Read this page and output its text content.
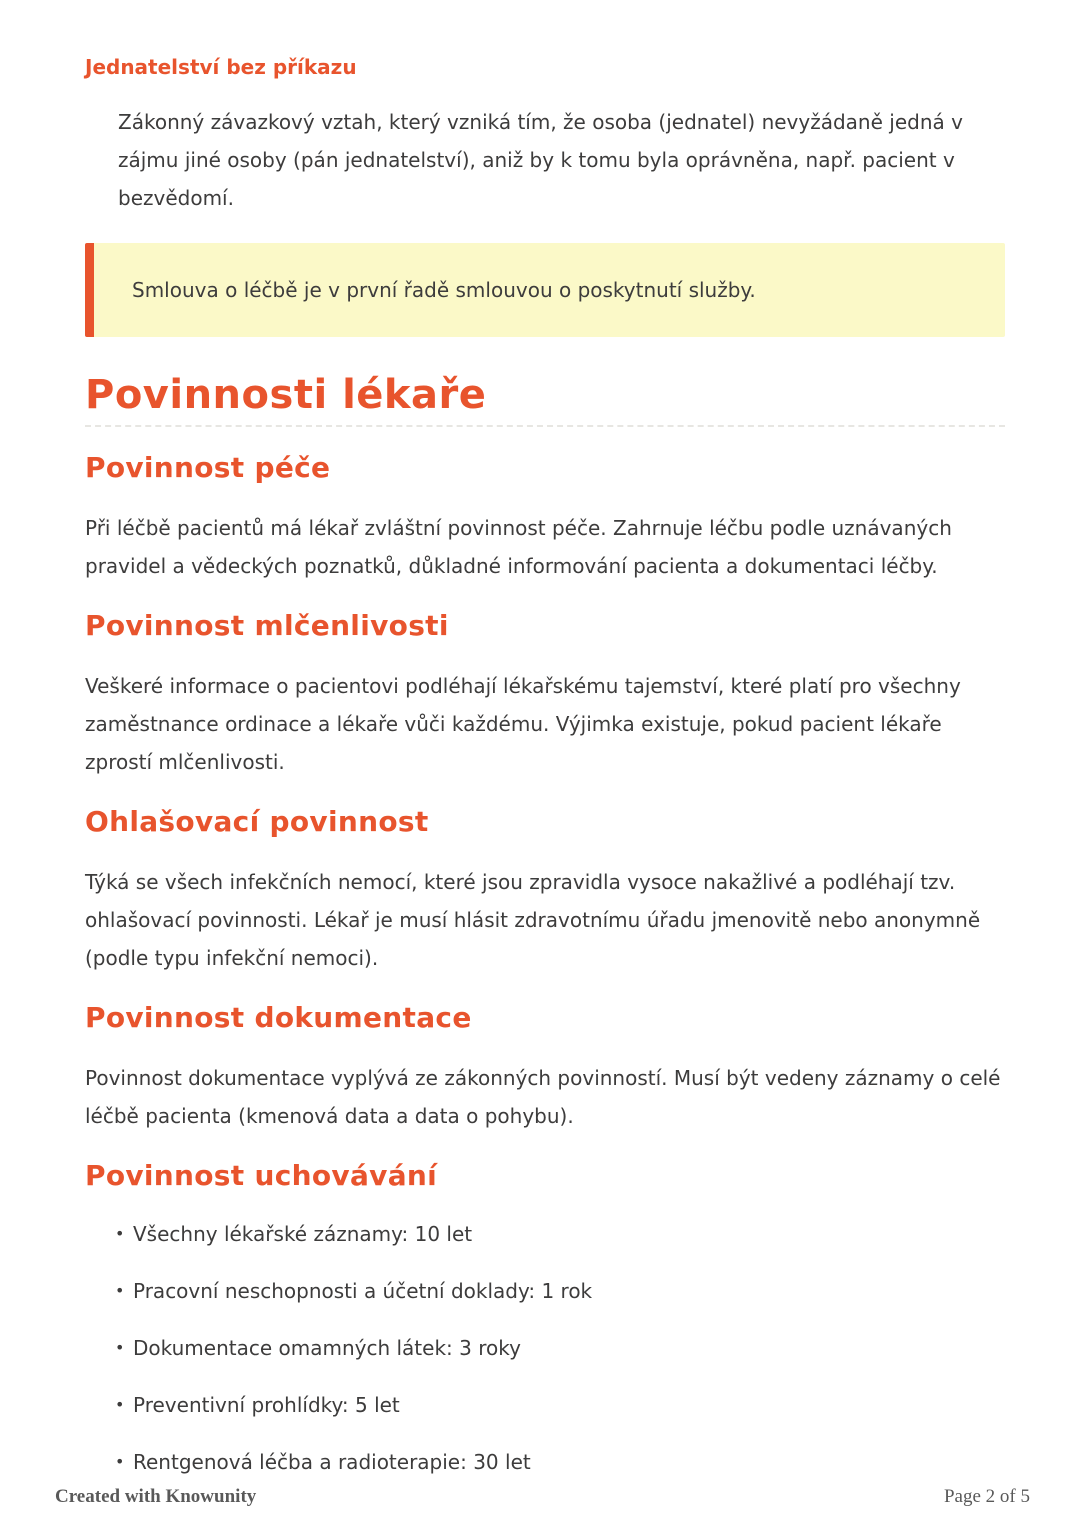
Jednatelství bez příkazu

Zákonný závazkový vztah, který vzniká tím, že osoba (jednatel) nevyžádaně jedná v zájmu jiné osoby (pán jednatelství), aniž by k tomu byla oprávněna, např. pacient v bezvědomí.

Smlouva o léčbě je v první řadě smlouvou o poskytnutí služby.
Povinnosti lékaře
Povinnost péče

Při léčbě pacientů má lékař zvláštní povinnost péče. Zahrnuje léčbu podle uznávaných pravidel a vědeckých poznatků, důkladné informování pacienta a dokumentaci léčby.

Povinnost mlčenlivosti

Veškeré informace o pacientovi podléhají lékařskému tajemství, které platí pro všechny zaměstnance ordinace a lékaře vůči každému. Výjimka existuje, pokud pacient lékaře zprostí mlčenlivosti.

Ohlašovací povinnost

Týká se všech infekčních nemocí, které jsou zpravidla vysoce nakažlivé a podléhají tzv. ohlašovací povinnosti. Lékař je musí hlásit zdravotnímu úřadu jmenovitě nebo anonymně (podle typu infekční nemoci).

Povinnost dokumentace

Povinnost dokumentace vyplývá ze zákonných povinností. Musí být vedeny záznamy o celé léčbě pacienta (kmenová data a data o pohybu).

Povinnost uchovávání
• Všechny lékařské záznamy: 10 let
• Pracovní neschopnosti a účetní doklady: 1 rok
• Dokumentace omamných látek: 3 roky
• Preventivní prohlídky: 5 let
• Rentgenová léčba a radioterapie: 30 let
Created with Knowunity	Page 2 of 5
